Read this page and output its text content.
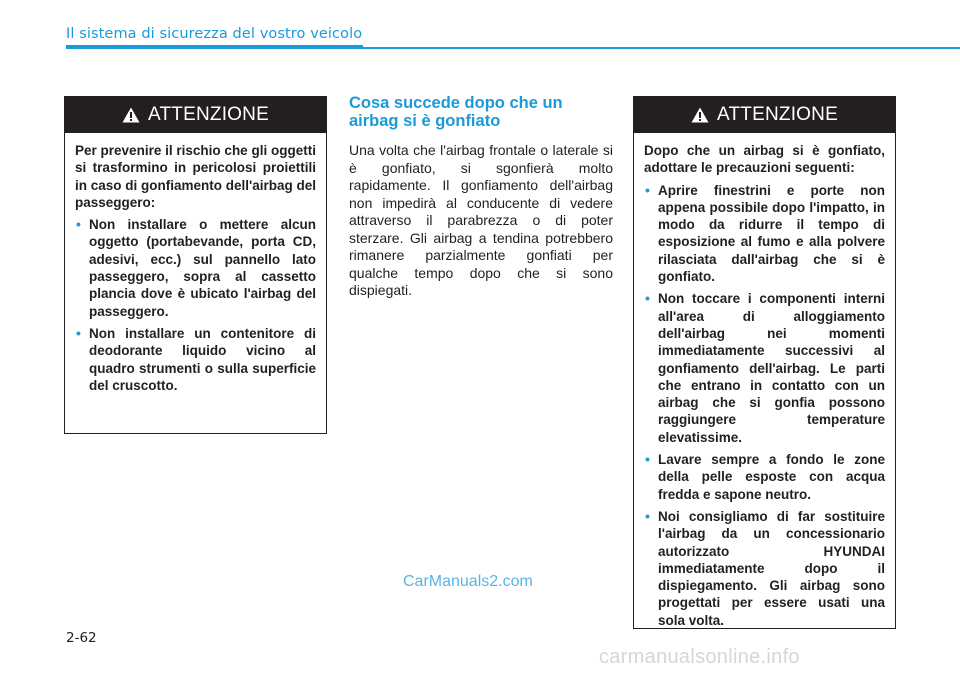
Il sistema di sicurezza del vostro veicolo
ATTENZIONE

Per prevenire il rischio che gli oggetti si trasformino in pericolosi proiettili in caso di gonfiamento dell'airbag del passeggero:

• Non installare o mettere alcun oggetto (portabevande, porta CD, adesivi, ecc.) sul pannello lato passeggero, sopra al cassetto plancia dove è ubicato l'airbag del passeggero.
• Non installare un contenitore di deodorante liquido vicino al quadro strumenti o sulla superficie del cruscotto.
Cosa succede dopo che un airbag si è gonfiato

Una volta che l'airbag frontale o laterale si è gonfiato, si sgonfierà molto rapidamente. Il gonfiamento dell'airbag non impedirà al conducente di vedere attraverso il parabrezza o di poter sterzare. Gli airbag a tendina potrebbero rimanere parzialmente gonfiati per qualche tempo dopo che si sono dispiegati.

ATTENZIONE

Dopo che un airbag si è gonfiato, adottare le precauzioni seguenti:

• Aprire finestrini e porte non appena possibile dopo l'impatto, in modo da ridurre il tempo di esposizione al fumo e alla polvere rilasciata dall'airbag che si è gonfiato.
• Non toccare i componenti interni all'area di alloggiamento dell'airbag nei momenti immediatamente successivi al gonfiamento dell'airbag. Le parti che entrano in contatto con un airbag che si gonfia possono raggiungere temperature elevatissime.
• Lavare sempre a fondo le zone della pelle esposte con acqua fredda e sapone neutro.
• Noi consigliamo di far sostituire l'airbag da un concessionario autorizzato HYUNDAI immediatamente dopo il dispiegamento. Gli airbag sono progettati per essere usati una sola volta.
CarManuals2.com
2-62
carmanualsonline.info
